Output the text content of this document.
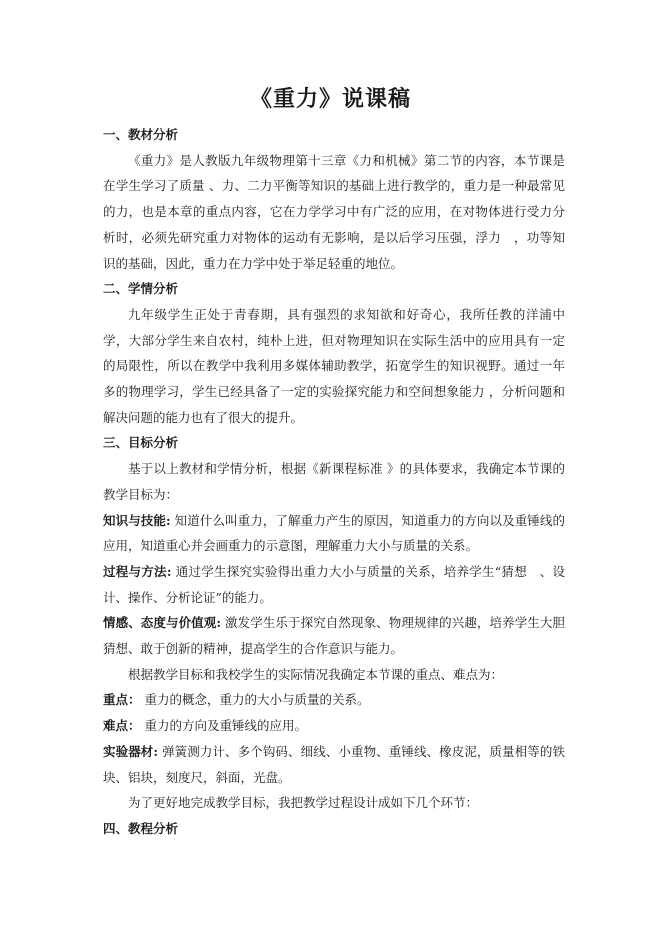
《重力》说课稿

一、教材分析

《重力》是人教版九年级物理第十三章《力和机械》第二节的内容，本节课是在学生学习了质量 、力、二力平衡等知识的基础上进行教学的，重力是一种最常见的力，也是本章的重点内容，它在力学学习中有广泛的应用，在对物体进行受力分析时，必须先研究重力对物体的运动有无影响，是以后学习压强，浮力　，功等知识的基础，因此，重力在力学中处于举足轻重的地位。

二、学情分析

九年级学生正处于青春期，具有强烈的求知欲和好奇心，我所任教的洋浦中学，大部分学生来自农村，纯朴上进，但对物理知识在实际生活中的应用具有一定的局限性，所以在教学中我利用多媒体辅助教学，拓宽学生的知识视野。通过一年多的物理学习，学生已经具备了一定的实验探究能力和空间想象能力 ，分析问题和解决问题的能力也有了很大的提升。

三、目标分析

基于以上教材和学情分析，根据《新课程标准 》的具体要求，我确定本节课的教学目标为：

知识与技能: 知道什么叫重力，了解重力产生的原因，知道重力的方向以及重锤线的应用，知道重心并会画重力的示意图，理解重力大小与质量的关系。

过程与方法: 通过学生探究实验得出重力大小与质量的关系，培养学生“猜想　、设计、操作、分析论证”的能力。

情感、态度与价值观: 激发学生乐于探究自然现象、物理规律的兴趣，培养学生大胆猜想、敢于创新的精神，提高学生的合作意识与能力。

根据教学目标和我校学生的实际情况我确定本节课的重点、难点为：

重点： 重力的概念，重力的大小与质量的关系。

难点： 重力的方向及重锤线的应用。

实验器材: 弹簧测力计、多个钩码、细线、小重物、重锤线、橡皮泥，质量相等的铁块、铝块，刻度尺，斜面，光盘。

为了更好地完成教学目标，我把教学过程设计成如下几个环节：

四、教程分析
